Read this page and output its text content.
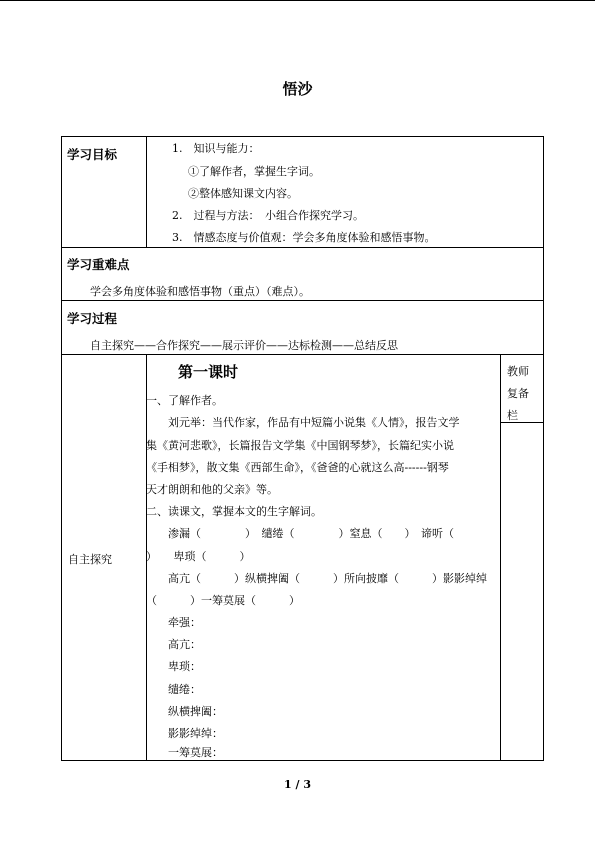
悟沙
学习目标	1.　知识与能力：
①了解作者，掌握生字词。
②整体感知课文内容。
2.　过程与方法：　小组合作探究学习。
3.　情感态度与价值观：学会多角度体验和感悟事物。
学习重难点
学会多角度体验和感悟事物（重点）（难点）。
学习过程
自主探究——合作探究——展示评价——达标检测——总结反思
自主探究
第一课时	教师
复备
栏
一、了解作者。
刘元举：当代作家，作品有中短篇小说集《人情》，报告文学
集《黄河悲歌》，长篇报告文学集《中国钢琴梦》，长篇纪实小说
《手相梦》，散文集《西部生命》，《爸爸的心就这么高------钢琴
天才朗朗和他的父亲》等。
二、读课文，掌握本文的生字解词。
渗漏（　　　　）　缱绻（　　　　）窒息（　　）　谛听（
）　　卑琐（　　　）
高亢（　　　）纵横捭阖（　　　）所向披靡（　　　）影影绰绰
（　　　）一筹莫展（　　　）
牵强：
高亢：
卑琐：
缱绻：
纵横捭阖：
影影绰绰：
一筹莫展：
1 / 3
